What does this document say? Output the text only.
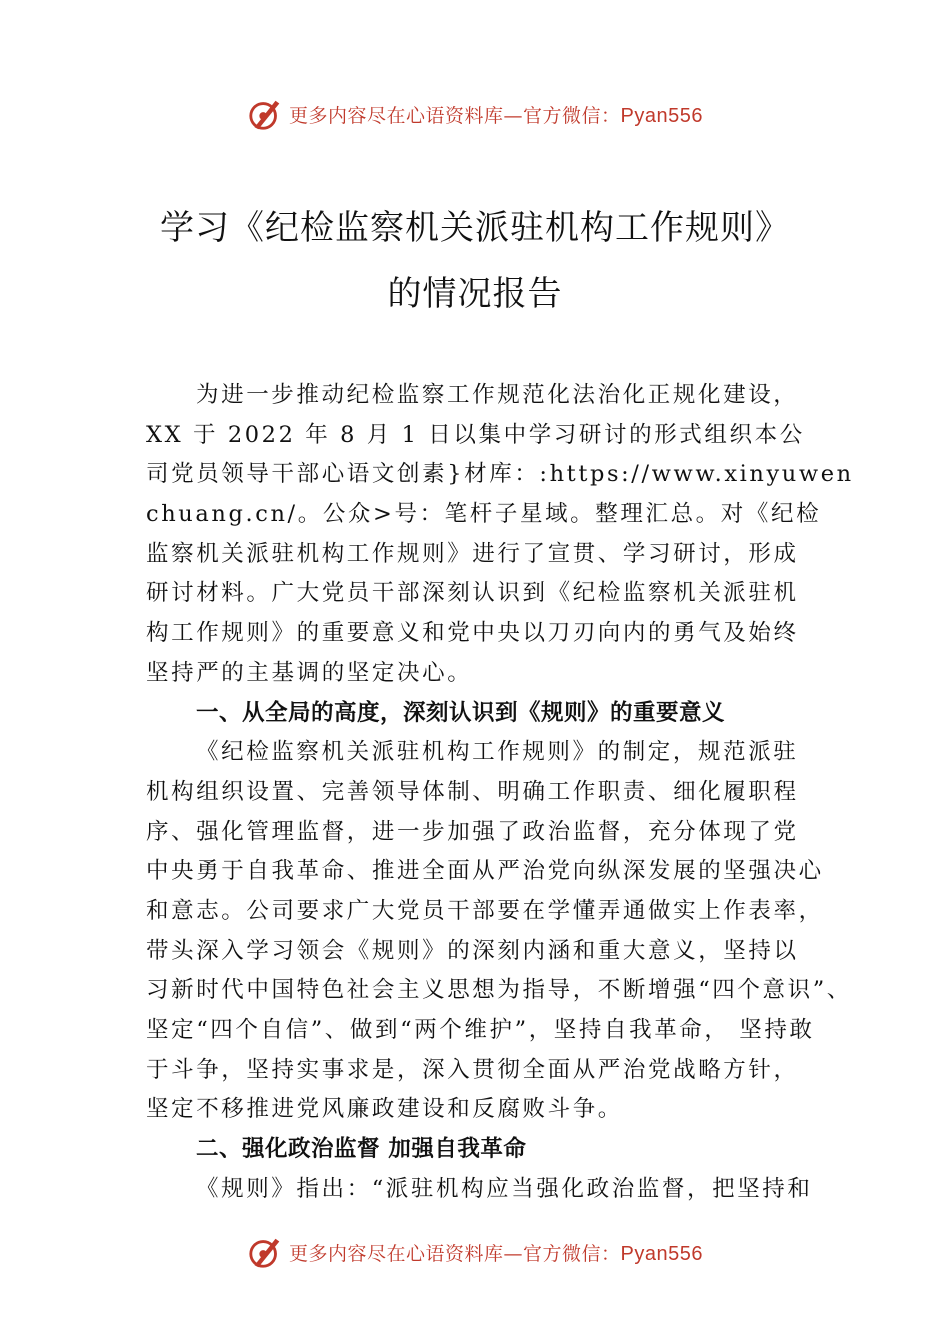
更多内容尽在心语资料库—官方微信：Pyan556
学习《纪检监察机关派驻机构工作规则》
的情况报告
为进一步推动纪检监察工作规范化法治化正规化建设，
XX 于 2022 年 8 月 1 日以集中学习研讨的形式组织本公
司党员领导干部心语文创素}材库：:https://www.xinyuwen
chuang.cn/。公众>号：笔杆子星域。整理汇总。对《纪检
监察机关派驻机构工作规则》进行了宣贯、学习研讨，形成
研讨材料。广大党员干部深刻认识到《纪检监察机关派驻机
构工作规则》的重要意义和党中央以刀刃向内的勇气及始终
坚持严的主基调的坚定决心。
一、从全局的高度，深刻认识到《规则》的重要意义
《纪检监察机关派驻机构工作规则》的制定，规范派驻
机构组织设置、完善领导体制、明确工作职责、细化履职程
序、强化管理监督，进一步加强了政治监督，充分体现了党
中央勇于自我革命、推进全面从严治党向纵深发展的坚强决心
和意志。公司要求广大党员干部要在学懂弄通做实上作表率，
带头深入学习领会《规则》的深刻内涵和重大意义，坚持以
习新时代中国特色社会主义思想为指导，不断增强“四个意识”、
坚定“四个自信”、做到“两个维护”，坚持自我革命， 坚持敢
于斗争，坚持实事求是，深入贯彻全面从严治党战略方针，
坚定不移推进党风廉政建设和反腐败斗争。
二、强化政治监督 加强自我革命
《规则》指出：“派驻机构应当强化政治监督，把坚持和
更多内容尽在心语资料库—官方微信：Pyan556
